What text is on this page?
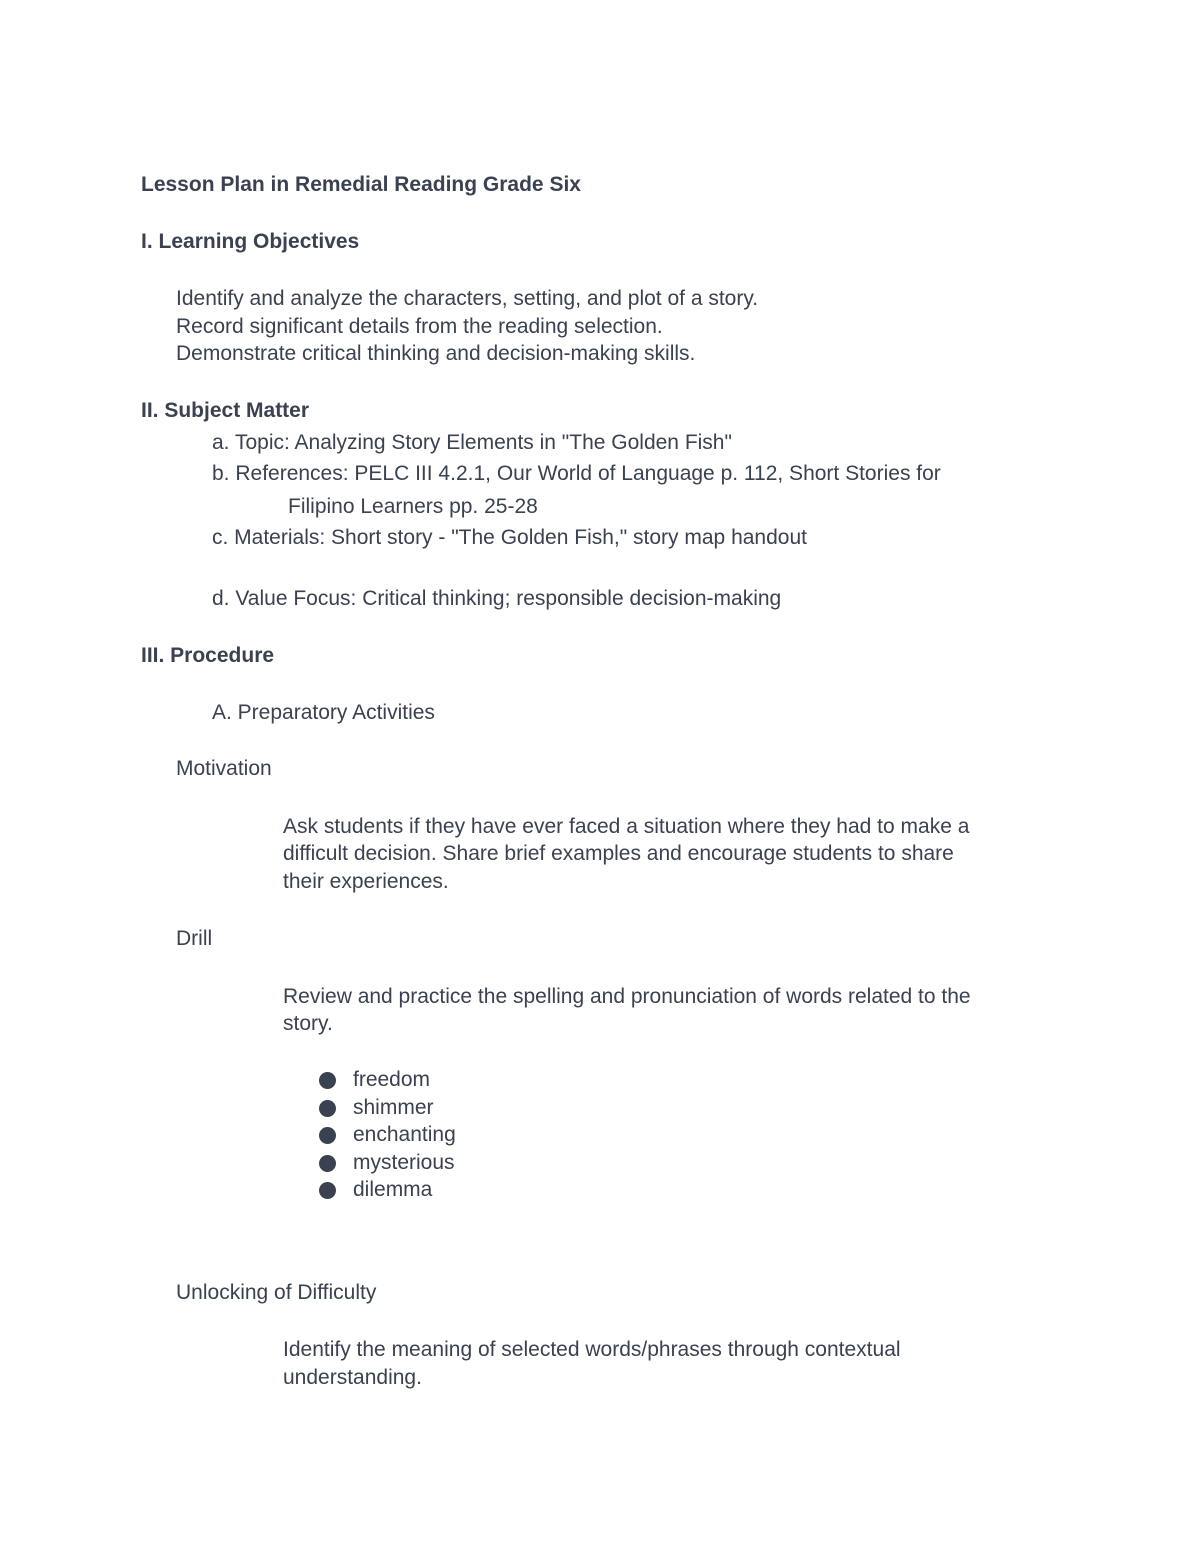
Lesson Plan in Remedial Reading Grade Six
I. Learning Objectives
Identify and analyze the characters, setting, and plot of a story.
Record significant details from the reading selection.
Demonstrate critical thinking and decision-making skills.
II. Subject Matter
a. Topic: Analyzing Story Elements in "The Golden Fish"
b. References: PELC III 4.2.1, Our World of Language p. 112, Short Stories for
Filipino Learners pp. 25-28
c. Materials: Short story - "The Golden Fish," story map handout
d. Value Focus: Critical thinking; responsible decision-making
III. Procedure
A. Preparatory Activities
Motivation
Ask students if they have ever faced a situation where they had to make a
difficult decision. Share brief examples and encourage students to share
their experiences.
Drill
Review and practice the spelling and pronunciation of words related to the
story.
freedom
shimmer
enchanting
mysterious
dilemma
Unlocking of Difficulty
Identify the meaning of selected words/phrases through contextual
understanding.
